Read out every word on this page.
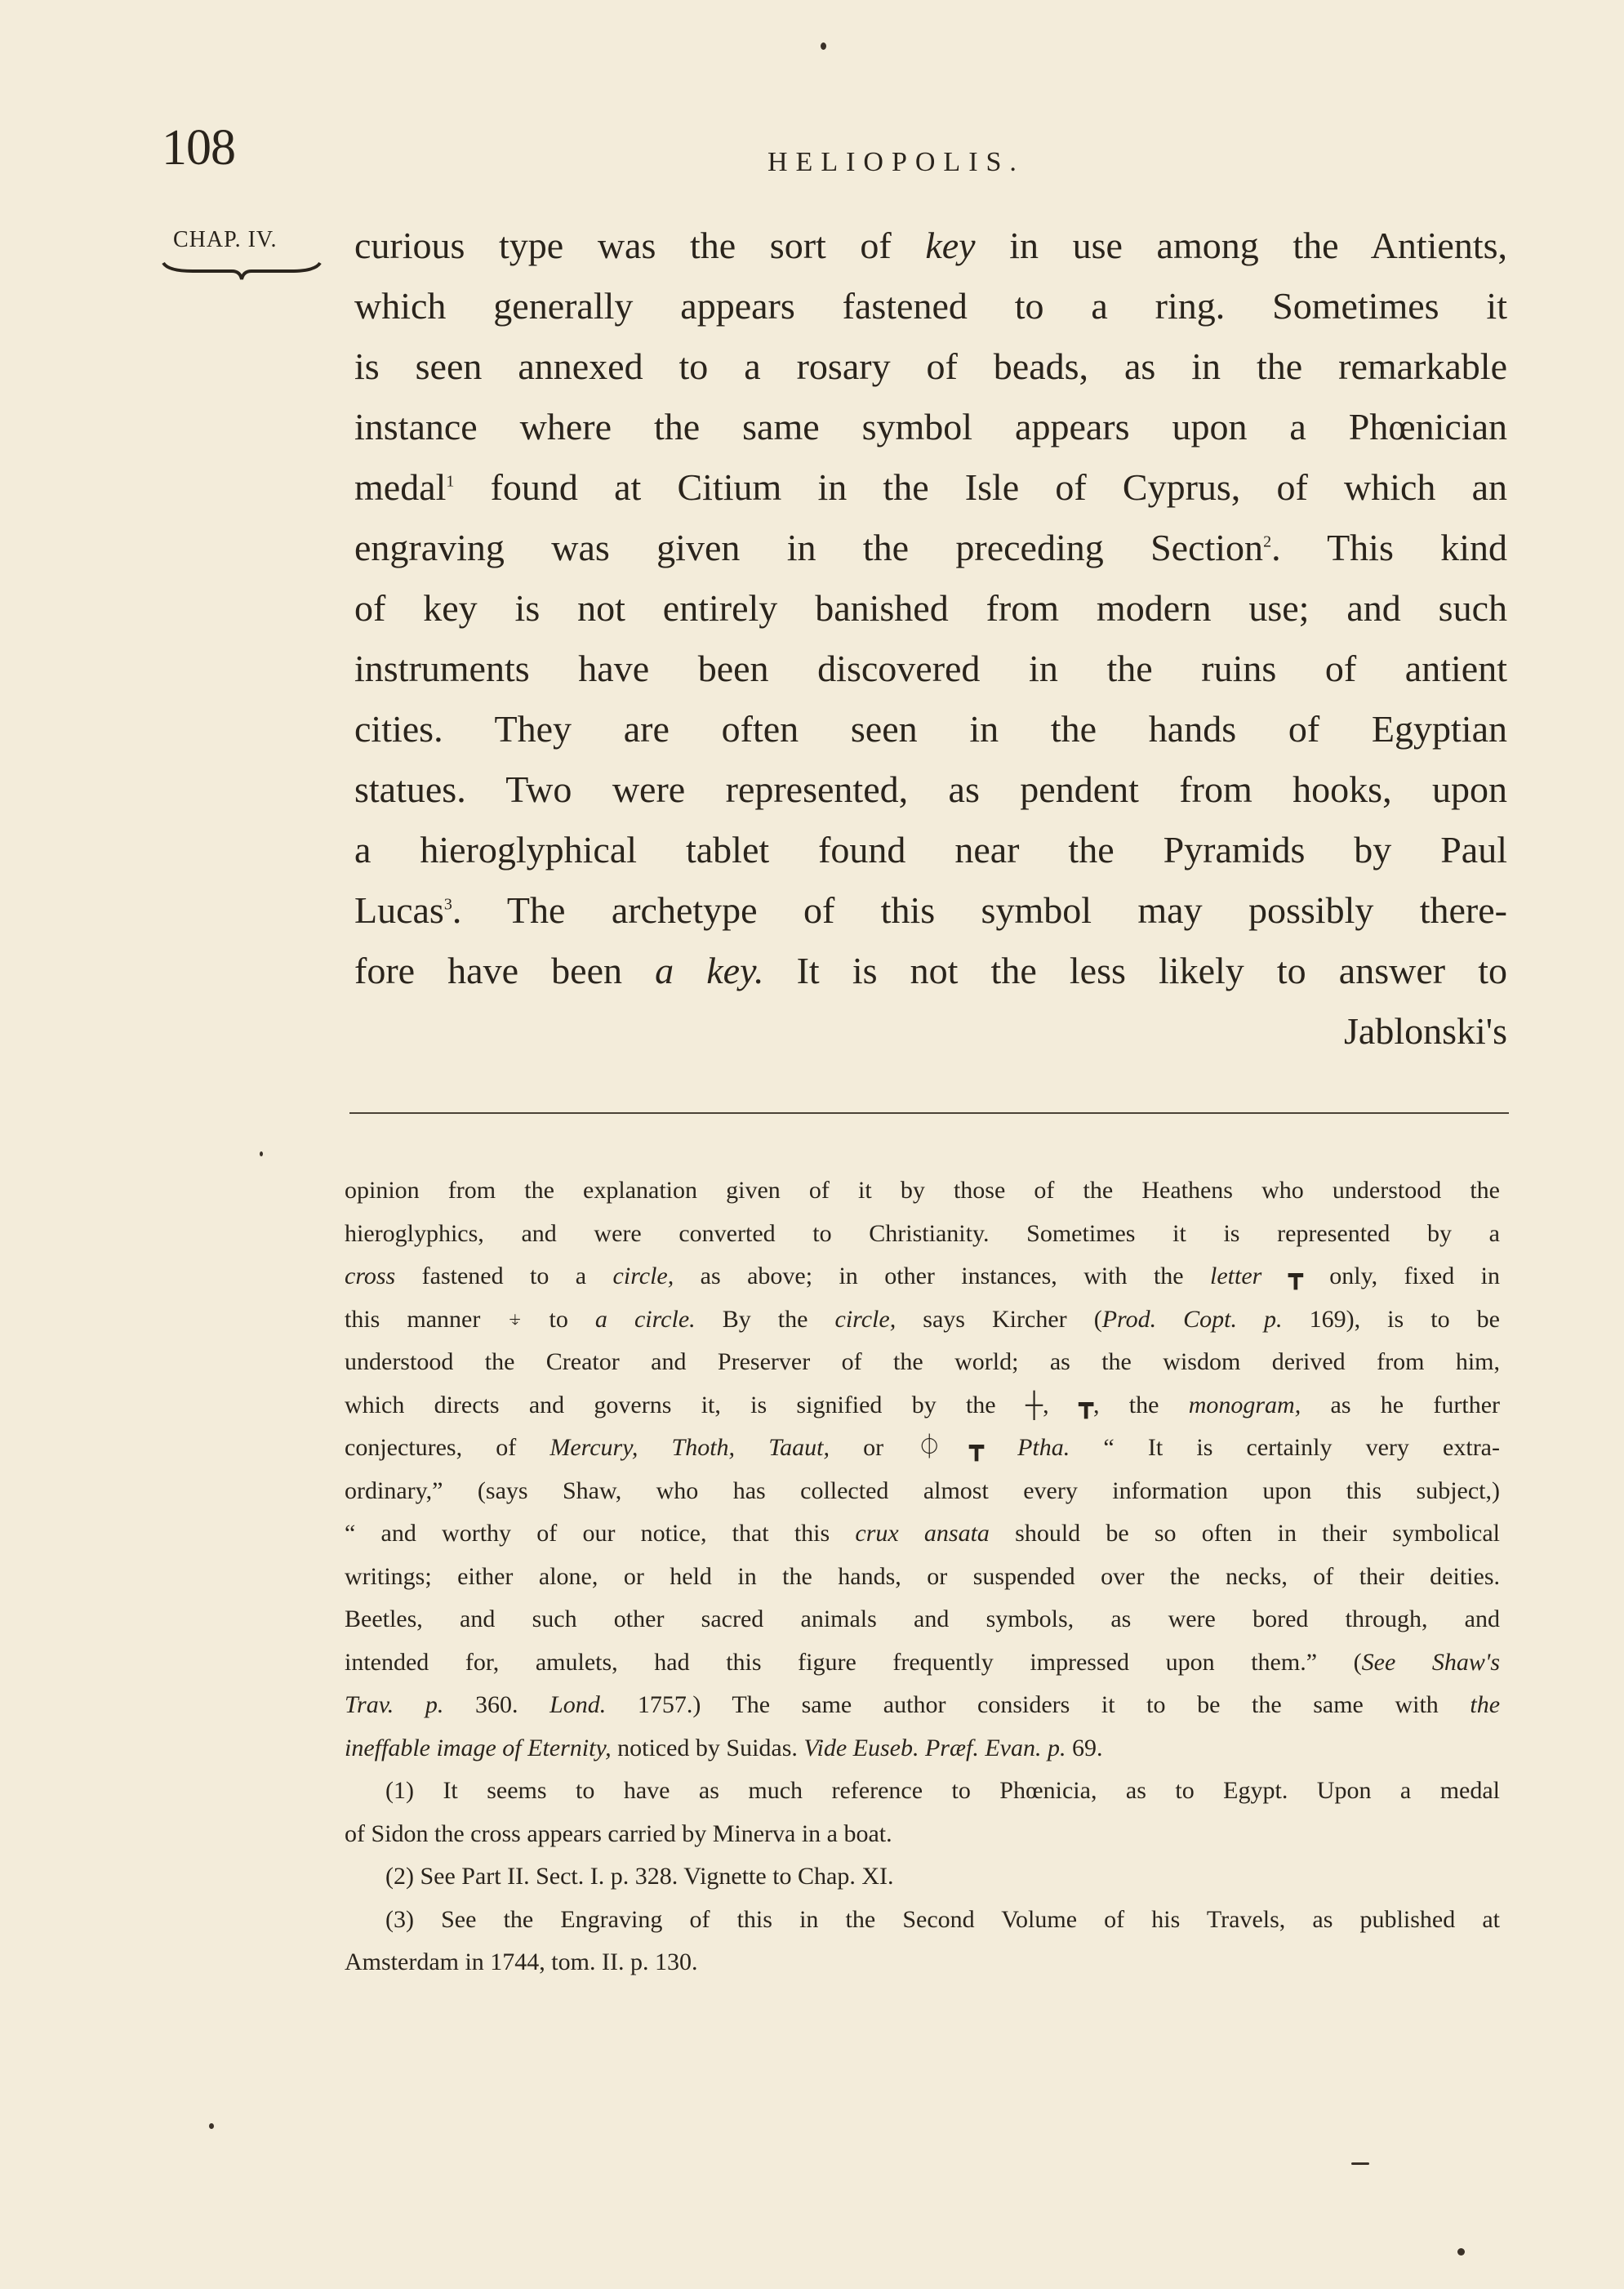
108	HELIOPOLIS.
CHAP. IV. curious type was the sort of key in use among the Antients,
which generally appears fastened to a ring. Sometimes it
is seen annexed to a rosary of beads, as in the remarkable
instance where the same symbol appears upon a Phœnician
medal$^1$ found at Citium in the Isle of Cyprus, of which an
engraving was given in the preceding Section$^2$. This kind
of key is not entirely banished from modern use; and such
instruments have been discovered in the ruins of antient
cities. They are often seen in the hands of Egyptian
statues. Two were represented, as pendent from hooks, upon
a hieroglyphical tablet found near the Pyramids by Paul
Lucas$^3$. The archetype of this symbol may possibly there-
fore have been a key. It is not the less likely to answer to
Jablonski's
opinion from the explanation given of it by those of the Heathens who understood the
hieroglyphics, and were converted to Christianity. Sometimes it is represented by a
cross fastened to a circle, as above; in other instances, with the letter ┳ only, fixed in
this manner ⍖ to a circle. By the circle, says Kircher (Prod. Copt. p. 169), is to be
understood the Creator and Preserver of the world; as the wisdom derived from him,
which directs and governs it, is signified by the ┼, ┳, the monogram, as he further
conjectures, of Mercury, Thoth, Taaut, or ⏀┳ Ptha. “ It is certainly very extra-
ordinary,” (says Shaw, who has collected almost every information upon this subject,)
“ and worthy of our notice, that this crux ansata should be so often in their symbolical
writings; either alone, or held in the hands, or suspended over the necks, of their deities.
Beetles, and such other sacred animals and symbols, as were bored through, and
intended for, amulets, had this figure frequently impressed upon them.” (See Shaw's
Trav. p. 360. Lond. 1757.) The same author considers it to be the same with the
ineffable image of Eternity, noticed by Suidas. Vide Euseb. Præf. Evan. p. 69.
(1) It seems to have as much reference to Phœnicia, as to Egypt. Upon a medal
of Sidon the cross appears carried by Minerva in a boat.
(2) See Part II. Sect. I. p. 328. Vignette to Chap. XI.
(3) See the Engraving of this in the Second Volume of his Travels, as published at
Amsterdam in 1744, tom. II. p. 130.
